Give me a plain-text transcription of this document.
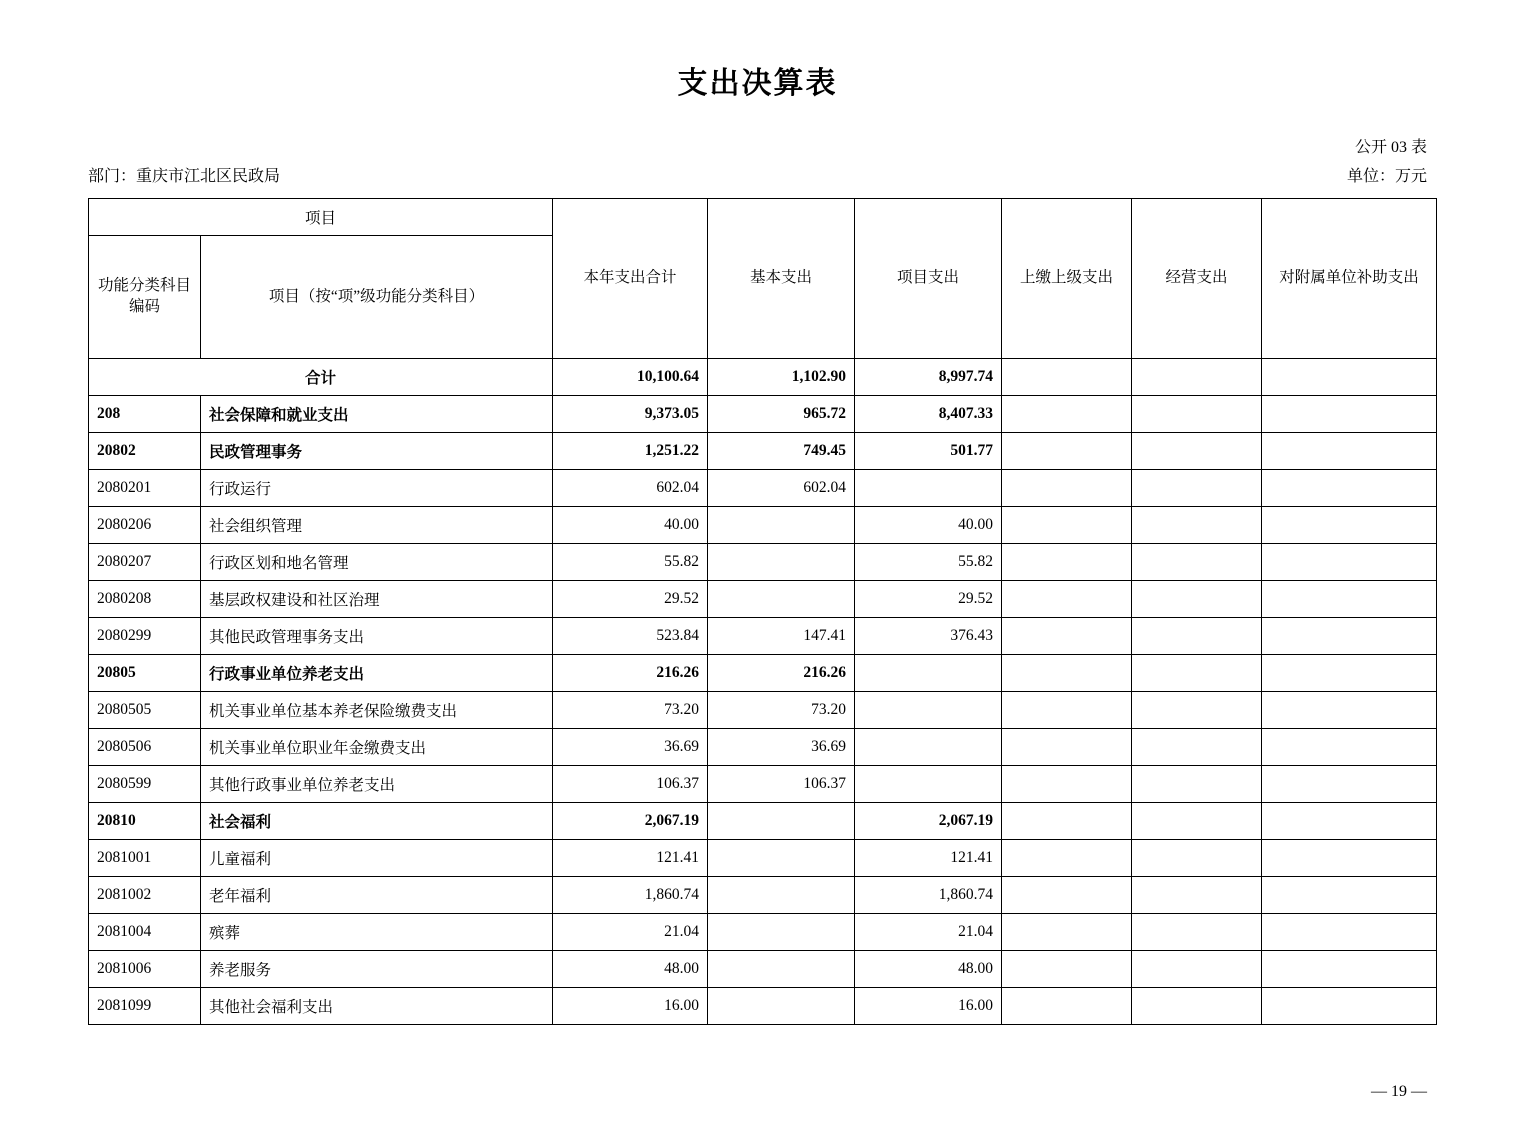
支出决算表
公开 03 表
部门：重庆市江北区民政局	单位：万元
项目		本年支出合计	基本支出	项目支出	上缴上级支出	经营支出	对附属单位补助支出
功能分类科目编码	项目（按“项”级功能分类科目）						
合计		10,100.64	1,102.90	8,997.74			
208	社会保障和就业支出	9,373.05	965.72	8,407.33			
20802	民政管理事务	1,251.22	749.45	501.77			
2080201	行政运行	602.04	602.04				
2080206	社会组织管理	40.00		40.00			
2080207	行政区划和地名管理	55.82		55.82			
2080208	基层政权建设和社区治理	29.52		29.52			
2080299	其他民政管理事务支出	523.84	147.41	376.43			
20805	行政事业单位养老支出	216.26	216.26				
2080505	机关事业单位基本养老保险缴费支出	73.20	73.20				
2080506	机关事业单位职业年金缴费支出	36.69	36.69				
2080599	其他行政事业单位养老支出	106.37	106.37				
20810	社会福利	2,067.19		2,067.19			
2081001	儿童福利	121.41		121.41			
2081002	老年福利	1,860.74		1,860.74			
2081004	殡葬	21.04		21.04			
2081006	养老服务	48.00		48.00			
2081099	其他社会福利支出	16.00		16.00			
— 19 —
